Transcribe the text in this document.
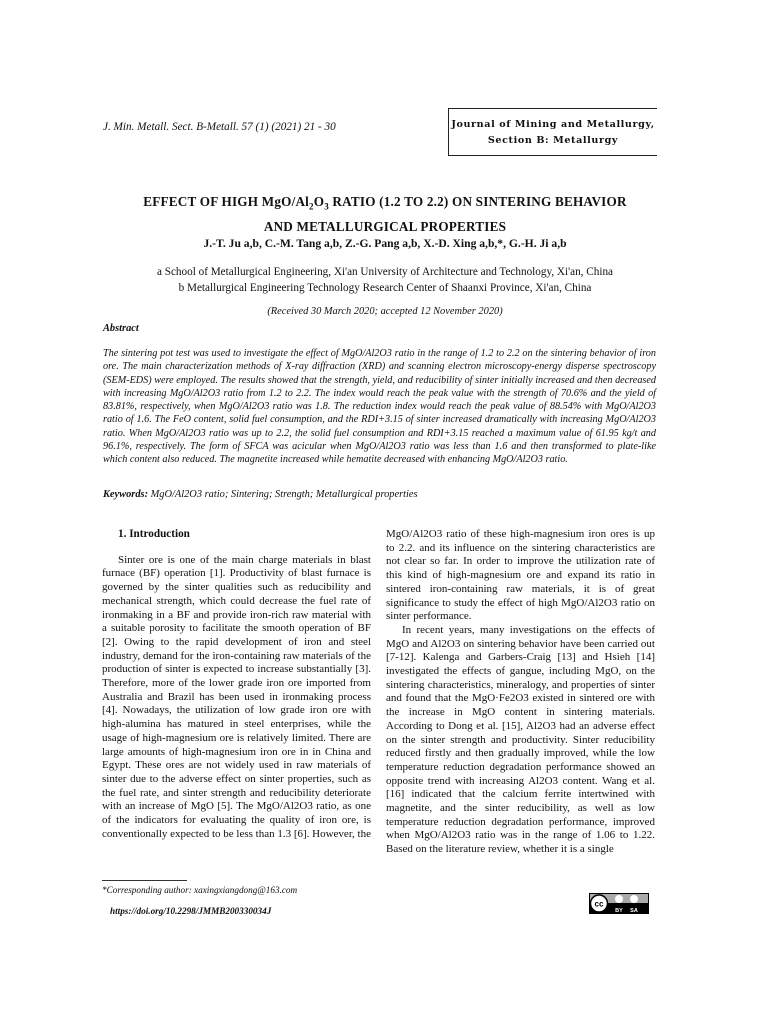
J. Min. Metall. Sect. B-Metall. 57 (1) (2021) 21 - 30	Journal of Mining and Metallurgy,
Section B: Metallurgy
EFFECT OF HIGH MgO/$Al_2O_3$ RATIO (1.2 TO 2.2) ON SINTERING BEHAVIOR
AND METALLURGICAL PROPERTIES
J.-T. Ju a,b, C.-M. Tang a,b, Z.-G. Pang a,b, X.-D. Xing a,b,*, G.-H. Ji a,b
a School of Metallurgical Engineering, Xi'an University of Architecture and Technology, Xi'an, China
b Metallurgical Engineering Technology Research Center of Shaanxi Province, Xi'an, China
(Received 30 March 2020; accepted 12 November 2020)
Abstract
The sintering pot test was used to investigate the effect of MgO/Al2O3 ratio in the range of 1.2 to 2.2 on the sintering behavior of iron ore. The main characterization methods of X-ray diffraction (XRD) and scanning electron microscopy-energy disperse spectroscopy (SEM-EDS) were employed. The results showed that the strength, yield, and reducibility of sinter initially increased and then decreased with increasing MgO/Al2O3 ratio from 1.2 to 2.2. The index would reach the peak value with the strength of 70.6% and the yield of 83.81%, respectively, when MgO/Al2O3 ratio was 1.8. The reduction index would reach the peak value of 88.54% with MgO/Al2O3 ratio of 1.6. The FeO content, solid fuel consumption, and the RDI+3.15 of sinter increased dramatically with increasing MgO/Al2O3 ratio. When MgO/Al2O3 ratio was up to 2.2, the solid fuel consumption and RDI+3.15 reached a maximum value of 61.95 kg/t and 96.1%, respectively. The form of SFCA was acicular when MgO/Al2O3 ratio was less than 1.6 and then transformed to plate-like which content also reduced. The magnetite increased while hematite decreased with enhancing MgO/Al2O3 ratio.
Keywords: MgO/Al2O3 ratio; Sintering; Strength; Metallurgical properties
1. Introduction

Sinter ore is one of the main charge materials in blast furnace (BF) operation [1]. Productivity of blast furnace is governed by the sinter qualities such as reducibility and mechanical strength, which could decrease the fuel rate of ironmaking in a BF and provide iron-rich raw material with a suitable porosity to facilitate the smooth operation of BF [2]. Owing to the rapid development of iron and steel industry, demand for the iron-containing raw materials of the production of sinter is expected to increase substantially [3]. Therefore, more of the lower grade iron ore imported from Australia and Brazil has been used in ironmaking process [4]. Nowadays, the utilization of low grade iron ore with high-alumina has matured in steel enterprises, while the usage of high-magnesium ore is relatively limited. There are large amounts of high-magnesium iron ore in in China and Egypt. These ores are not widely used in raw materials of sinter due to the adverse effect on sinter properties, such as the fuel rate, and sinter strength and reducibility deteriorate with an increase of MgO [5]. The MgO/Al2O3 ratio, as one of the indicators for evaluating the quality of iron ore, is conventionally expected to be less than 1.3 [6]. However, the

MgO/Al2O3 ratio of these high-magnesium iron ores is up to 2.2. and its influence on the sintering characteristics are not clear so far. In order to improve the utilization rate of this kind of high-magnesium ore and expand its ratio in sintered iron-containing raw materials, it is of great significance to study the effect of high MgO/Al2O3 ratio on sinter performance.

In recent years, many investigations on the effects of MgO and Al2O3 on sintering behavior have been carried out [7-12]. Kalenga and Garbers-Craig [13] and Hsieh [14] investigated the effects of gangue, including MgO, on the sintering characteristics, mineralogy, and properties of sinter and found that the MgO·Fe2O3 existed in sintered ore with the increase in MgO content in sintering materials. According to Dong et al. [15], Al2O3 had an adverse effect on the sinter strength and productivity. Sinter reducibility reduced firstly and then gradually improved, while the low temperature reduction degradation performance showed an opposite trend with increasing Al2O3 content. Wang et al. [16] indicated that the calcium ferrite intertwined with magnetite, and the sinter reducibility, as well as low temperature reduction degradation performance, improved when MgO/Al2O3 ratio was in the range of 1.06 to 1.22. Based on the literature review, whether it is a single

*Corresponding author: xaxingxiangdong@163.com
https://doi.org/10.2298/JMMB200330034J
cc
BY SA
